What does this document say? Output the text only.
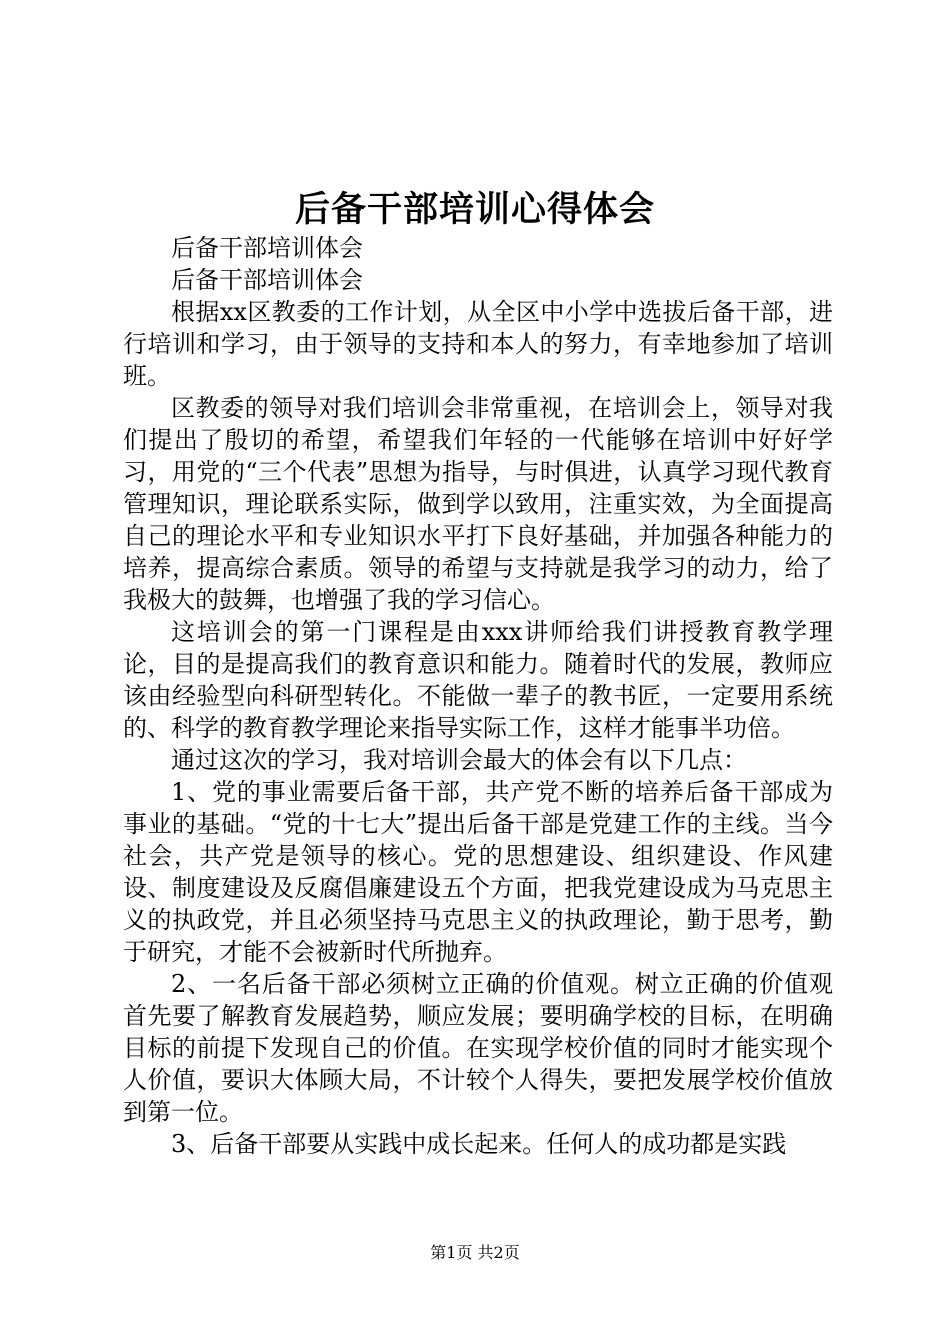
后备干部培训心得体会

后备干部培训体会

后备干部培训体会

根据xx区教委的工作计划，从全区中小学中选拔后备干部，进行培训和学习，由于领导的支持和本人的努力，有幸地参加了培训班。

区教委的领导对我们培训会非常重视，在培训会上，领导对我们提出了殷切的希望，希望我们年轻的一代能够在培训中好好学习，用党的“三个代表”思想为指导，与时俱进，认真学习现代教育管理知识，理论联系实际，做到学以致用，注重实效，为全面提高自己的理论水平和专业知识水平打下良好基础，并加强各种能力的培养，提高综合素质。领导的希望与支持就是我学习的动力，给了我极大的鼓舞，也增强了我的学习信心。

这培训会的第一门课程是由xxx讲师给我们讲授教育教学理论，目的是提高我们的教育意识和能力。随着时代的发展，教师应该由经验型向科研型转化。不能做一辈子的教书匠，一定要用系统的、科学的教育教学理论来指导实际工作，这样才能事半功倍。

通过这次的学习，我对培训会最大的体会有以下几点：

1、党的事业需要后备干部，共产党不断的培养后备干部成为事业的基础。“党的十七大”提出后备干部是党建工作的主线。当今社会，共产党是领导的核心。党的思想建设、组织建设、作风建设、制度建设及反腐倡廉建设五个方面，把我党建设成为马克思主义的执政党，并且必须坚持马克思主义的执政理论，勤于思考，勤于研究，才能不会被新时代所抛弃。

2、一名后备干部必须树立正确的价值观。树立正确的价值观首先要了解教育发展趋势，顺应发展；要明确学校的目标，在明确目标的前提下发现自己的价值。在实现学校价值的同时才能实现个人价值，要识大体顾大局，不计较个人得失，要把发展学校价值放到第一位。

3、后备干部要从实践中成长起来。任何人的成功都是实践

第1页 共2页
